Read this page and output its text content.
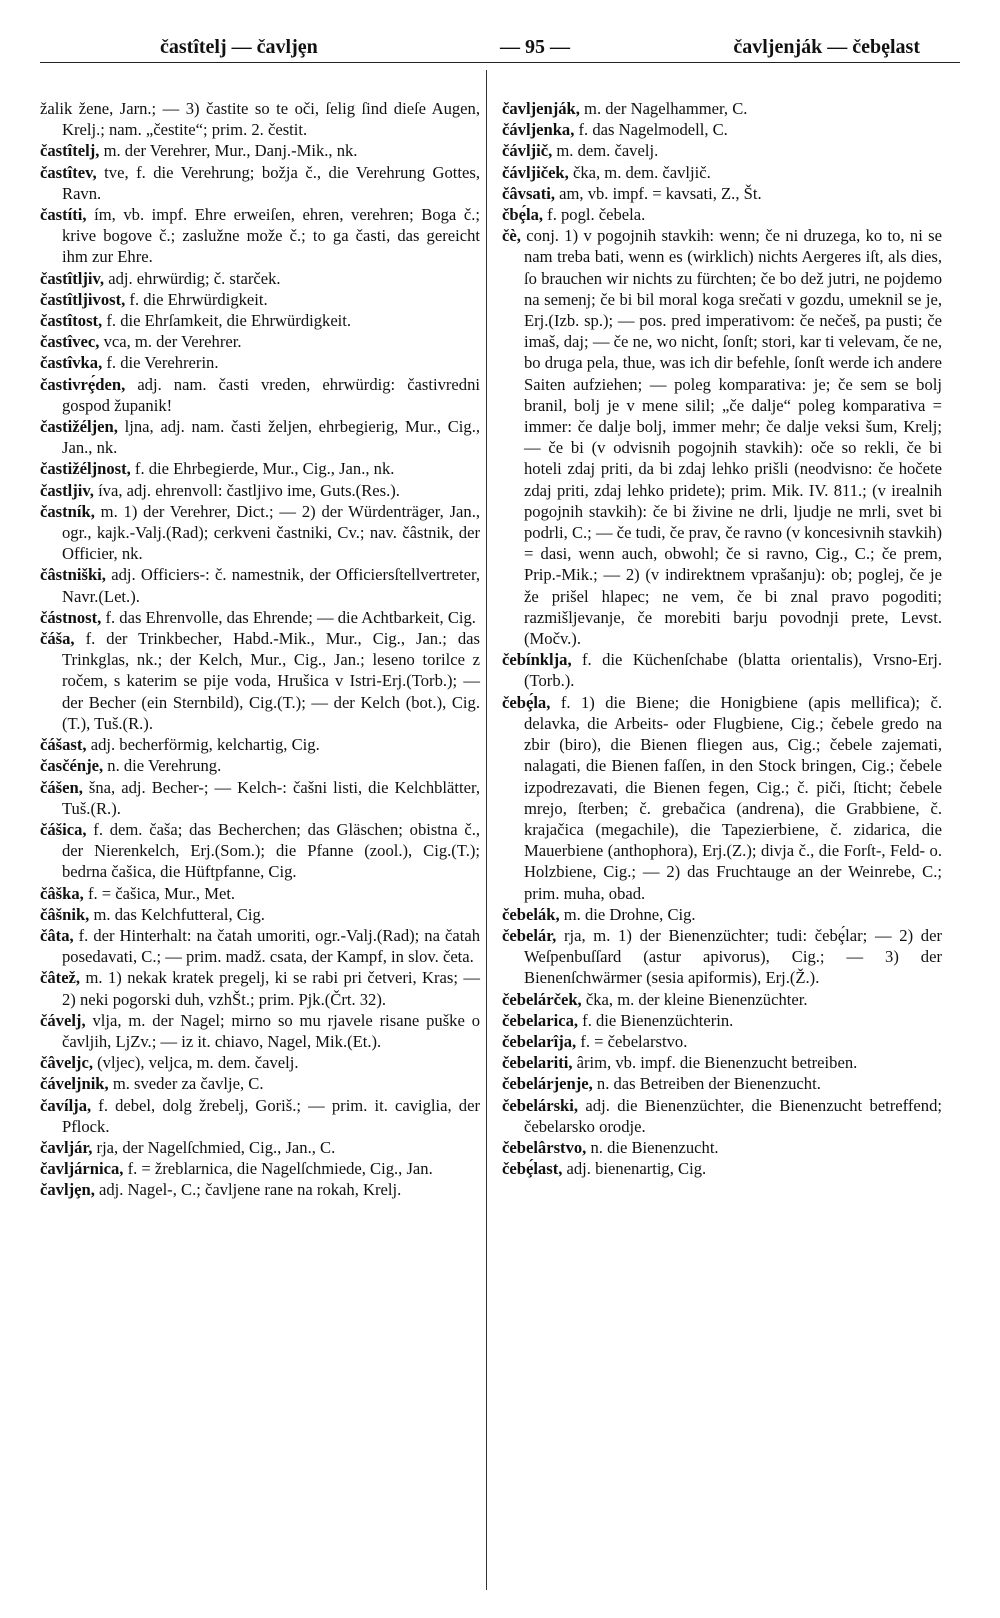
častîtelj — čavljȩn	— 95 —	čavljenják — čebȩlast

žalik žene, Jarn.; — 3) častite so te oči, ſelig ſind dieſe Augen, Krelj.; nam. „čestite“; prim. 2. čestit.

častîtelj, m. der Verehrer, Mur., Danj.-Mik., nk.

častîtev, tve, f. die Verehrung; božja č., die Verehrung Gottes, Ravn.

častíti, ím, vb. impf. Ehre erweiſen, ehren, verehren; Boga č.; krive bogove č.; zaslužne može č.; to ga časti, das gereicht ihm zur Ehre.

častîtljiv, adj. ehrwürdig; č. starček.

častîtljivost, f. die Ehrwürdigkeit.

častîtost, f. die Ehrſamkeit, die Ehrwürdigkeit.

častîvec, vca, m. der Verehrer.

častîvka, f. die Verehrerin.

častivrȩ́den, adj. nam. časti vreden, ehrwürdig: častivredni gospod županik!

častižéljen, ljna, adj. nam. časti željen, ehrbegierig, Mur., Cig., Jan., nk.

častižéljnost, f. die Ehrbegierde, Mur., Cig., Jan., nk.

častljiv, íva, adj. ehrenvoll: častljivo ime, Guts.(Res.).

častník, m. 1) der Verehrer, Dict.; — 2) der Würdenträger, Jan., ogr., kajk.-Valj.(Rad); cerkveni častniki, Cv.; nav. čâstnik, der Officier, nk.

čâstniški, adj. Officiers-: č. namestnik, der Officiersſtellvertreter, Navr.(Let.).

částnost, f. das Ehrenvolle, das Ehrende; — die Achtbarkeit, Cig.

čáša, f. der Trinkbecher, Habd.-Mik., Mur., Cig., Jan.; das Trinkglas, nk.; der Kelch, Mur., Cig., Jan.; leseno torilce z ročem, s katerim se pije voda, Hrušica v Istri-Erj.(Torb.); — der Becher (ein Sternbild), Cig.(T.); — der Kelch (bot.), Cig.(T.), Tuš.(R.).

čášast, adj. becherförmig, kelchartig, Cig.

časčénje, n. die Verehrung.

čášen, šna, adj. Becher-; — Kelch-: čašni listi, die Kelchblätter, Tuš.(R.).

čášica, f. dem. čaša; das Becherchen; das Gläschen; obistna č., der Nierenkelch, Erj.(Som.); die Pfanne (zool.), Cig.(T.); bedrna čašica, die Hüftpfanne, Cig.

čâška, f. = čašica, Mur., Met.

čâšnik, m. das Kelchfutteral, Cig.

čâta, f. der Hinterhalt: na čatah umoriti, ogr.-Valj.(Rad); na čatah posedavati, C.; — prim. madž. csata, der Kampf, in slov. četa.

čâtež, m. 1) nekak kratek pregelj, ki se rabi pri četveri, Kras; — 2) neki pogorski duh, vzhŠt.; prim. Pjk.(Črt. 32).

čávelj, vlja, m. der Nagel; mirno so mu rjavele risane puške o čavljih, LjZv.; — iz it. chiavo, Nagel, Mik.(Et.).

čâveljc, (vljec), veljca, m. dem. čavelj.

čáveljnik, m. sveder za čavlje, C.

čavílja, f. debel, dolg žrebelj, Goriš.; — prim. it. caviglia, der Pflock.

čavljár, rja, der Nagelſchmied, Cig., Jan., C.

čavljárnica, f. = žreblarnica, die Nagelſchmiede, Cig., Jan.

čavljȩn, adj. Nagel-, C.; čavljene rane na rokah, Krelj.

čavljenják, m. der Nagelhammer, C.

čávljenka, f. das Nagelmodell, C.

čávljič, m. dem. čavelj.

čávljiček, čka, m. dem. čavljič.

čâvsati, am, vb. impf. = kavsati, Z., Št.

čbȩ́la, f. pogl. čebela.

čè, conj. 1) v pogojnih stavkih: wenn; če ni druzega, ko to, ni se nam treba bati, wenn es (wirklich) nichts Aergeres iſt, als dies, ſo brauchen wir nichts zu fürchten; če bo dež jutri, ne pojdemo na semenj; če bi bil moral koga srečati v gozdu, umeknil se je, Erj.(Izb. sp.); — pos. pred imperativom: če nečeš, pa pusti; če imaš, daj; — če ne, wo nicht, ſonſt; stori, kar ti velevam, če ne, bo druga pela, thue, was ich dir befehle, ſonſt werde ich andere Saiten aufziehen; — poleg komparativa: je; če sem se bolj branil, bolj je v mene silil; „če dalje“ poleg komparativa = immer: če dalje bolj, immer mehr; če dalje veksi šum, Krelj; — če bi (v odvisnih pogojnih stavkih): oče so rekli, če bi hoteli zdaj priti, da bi zdaj lehko prišli (neodvisno: če hočete zdaj priti, zdaj lehko pridete); prim. Mik. IV. 811.; (v irealnih pogojnih stavkih): če bi živine ne drli, ljudje ne mrli, svet bi podrli, C.; — če tudi, če prav, če ravno (v koncesivnih stavkih) = dasi, wenn auch, obwohl; če si ravno, Cig., C.; če prem, Prip.-Mik.; — 2) (v indirektnem vprašanju): ob; poglej, če je že prišel hlapec; ne vem, če bi znal pravo pogoditi; razmišljevanje, če morebiti barju povodnji prete, Levst.(Močv.).

čebínklja, f. die Küchenſchabe (blatta orientalis), Vrsno-Erj.(Torb.).

čebȩ́la, f. 1) die Biene; die Honigbiene (apis mellifica); č. delavka, die Arbeits- oder Flugbiene, Cig.; čebele gredo na zbir (biro), die Bienen fliegen aus, Cig.; čebele zajemati, nalagati, die Bienen faſſen, in den Stock bringen, Cig.; čebele izpodrezavati, die Bienen fegen, Cig.; č. piči, ſticht; čebele mrejo, ſterben; č. grebačica (andrena), die Grabbiene, č. krajačica (megachile), die Tapezierbiene, č. zidarica, die Mauerbiene (anthophora), Erj.(Z.); divja č., die Forſt-, Feld- o. Holzbiene, Cig.; — 2) das Fruchtauge an der Weinrebe, C.; prim. muha, obad.

čebelák, m. die Drohne, Cig.

čebelár, rja, m. 1) der Bienenzüchter; tudi: čebȩ́lar; — 2) der Weſpenbuſſard (astur apivorus), Cig.; — 3) der Bienenſchwärmer (sesia apiformis), Erj.(Ž.).

čebelárček, čka, m. der kleine Bienenzüchter.

čebelarica, f. die Bienenzüchterin.

čebelarîja, f. = čebelarstvo.

čebelariti, ârim, vb. impf. die Bienenzucht betreiben.

čebelárjenje, n. das Betreiben der Bienenzucht.

čebelárski, adj. die Bienenzüchter, die Bienenzucht betreffend; čebelarsko orodje.

čebelârstvo, n. die Bienenzucht.

čebȩ́last, adj. bienenartig, Cig.
